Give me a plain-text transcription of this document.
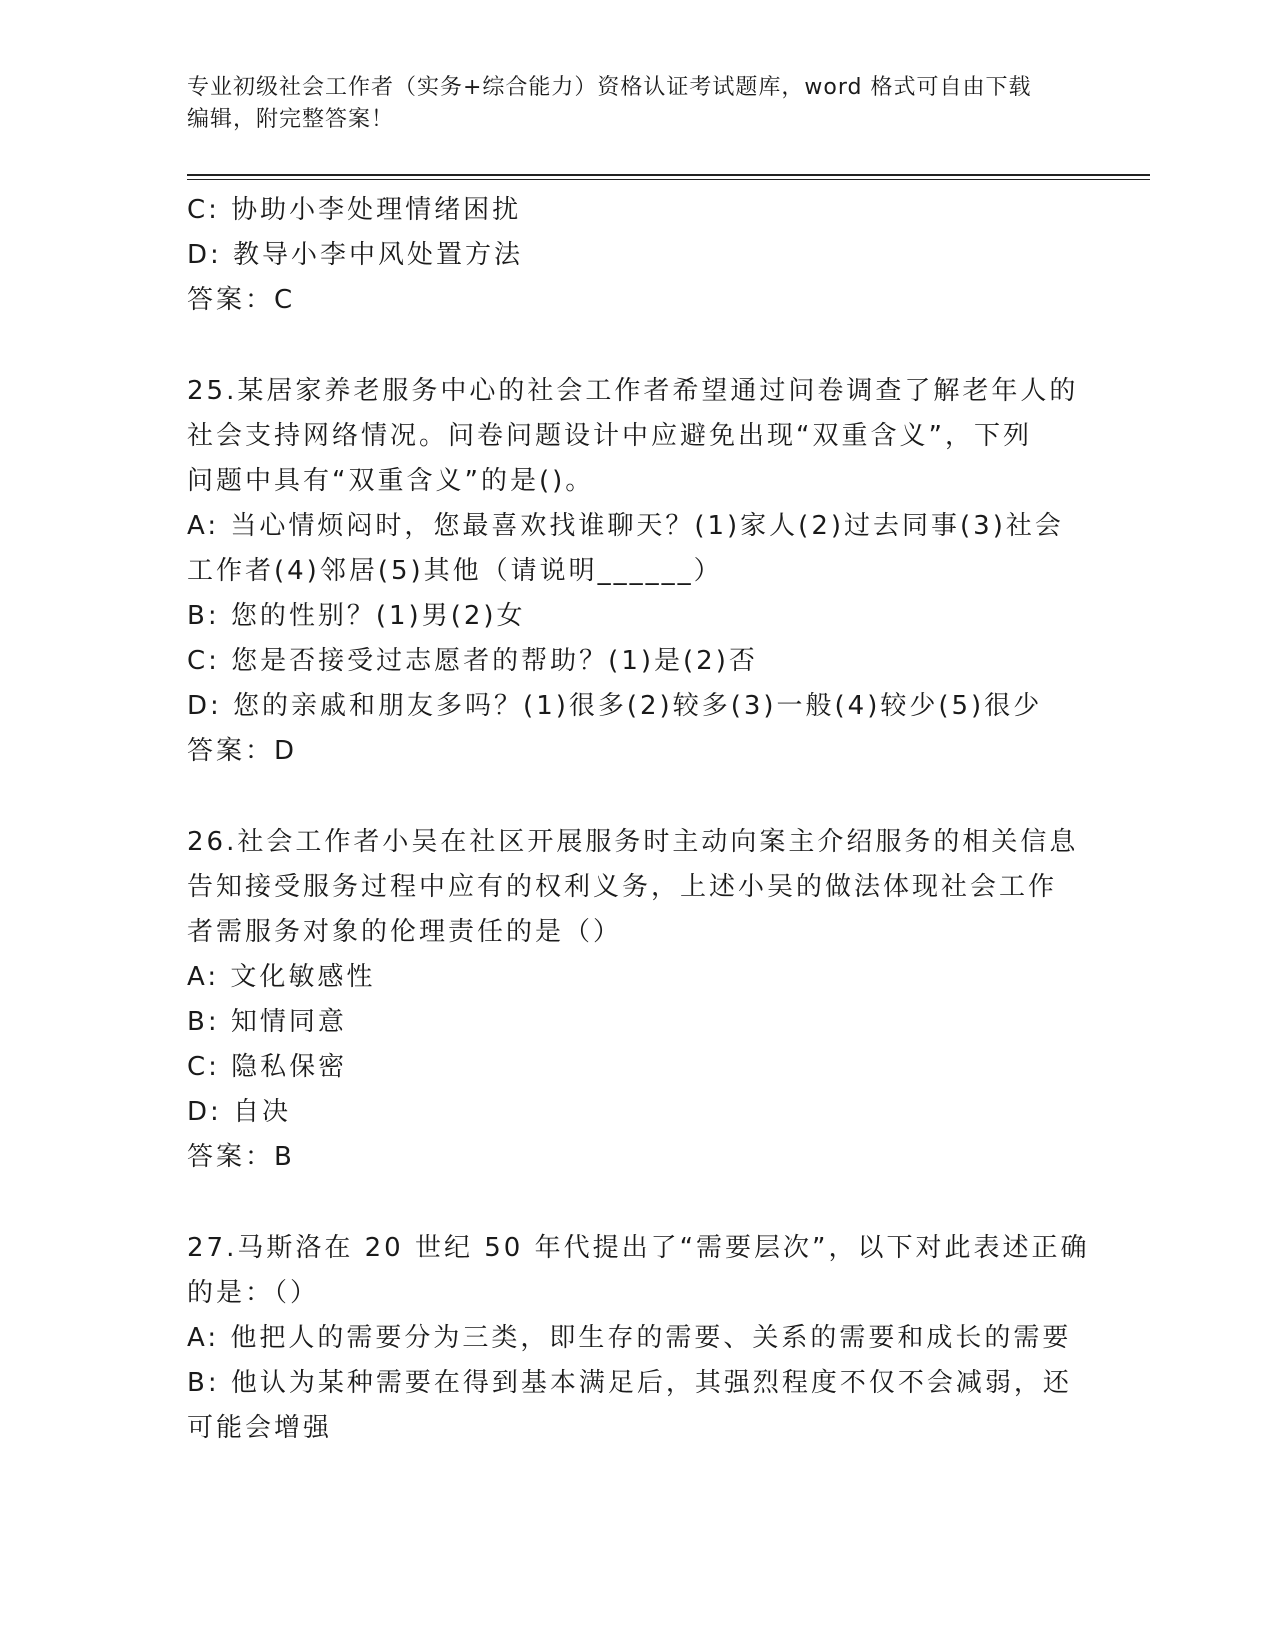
专业初级社会工作者（实务+综合能力）资格认证考试题库，word 格式可自由下载
编辑，附完整答案！
C: 协助小李处理情绪困扰
D: 教导小李中风处置方法
答案：C
25.某居家养老服务中心的社会工作者希望通过问卷调查了解老年人的
社会支持网络情况。问卷问题设计中应避免出现“双重含义”，下列
问题中具有“双重含义”的是()。
A: 当心情烦闷时，您最喜欢找谁聊天？(1)家人(2)过去同事(3)社会
工作者(4)邻居(5)其他（请说明______）
B: 您的性别？(1)男(2)女
C: 您是否接受过志愿者的帮助？(1)是(2)否
D: 您的亲戚和朋友多吗？(1)很多(2)较多(3)一般(4)较少(5)很少
答案：D
26.社会工作者小吴在社区开展服务时主动向案主介绍服务的相关信息
告知接受服务过程中应有的权利义务，上述小吴的做法体现社会工作
者需服务对象的伦理责任的是（）
A: 文化敏感性
B: 知情同意
C: 隐私保密
D: 自决
答案：B
27.马斯洛在 20 世纪 50 年代提出了“需要层次”，以下对此表述正确
的是：（）
A: 他把人的需要分为三类，即生存的需要、关系的需要和成长的需要
B: 他认为某种需要在得到基本满足后，其强烈程度不仅不会减弱，还
可能会增强
